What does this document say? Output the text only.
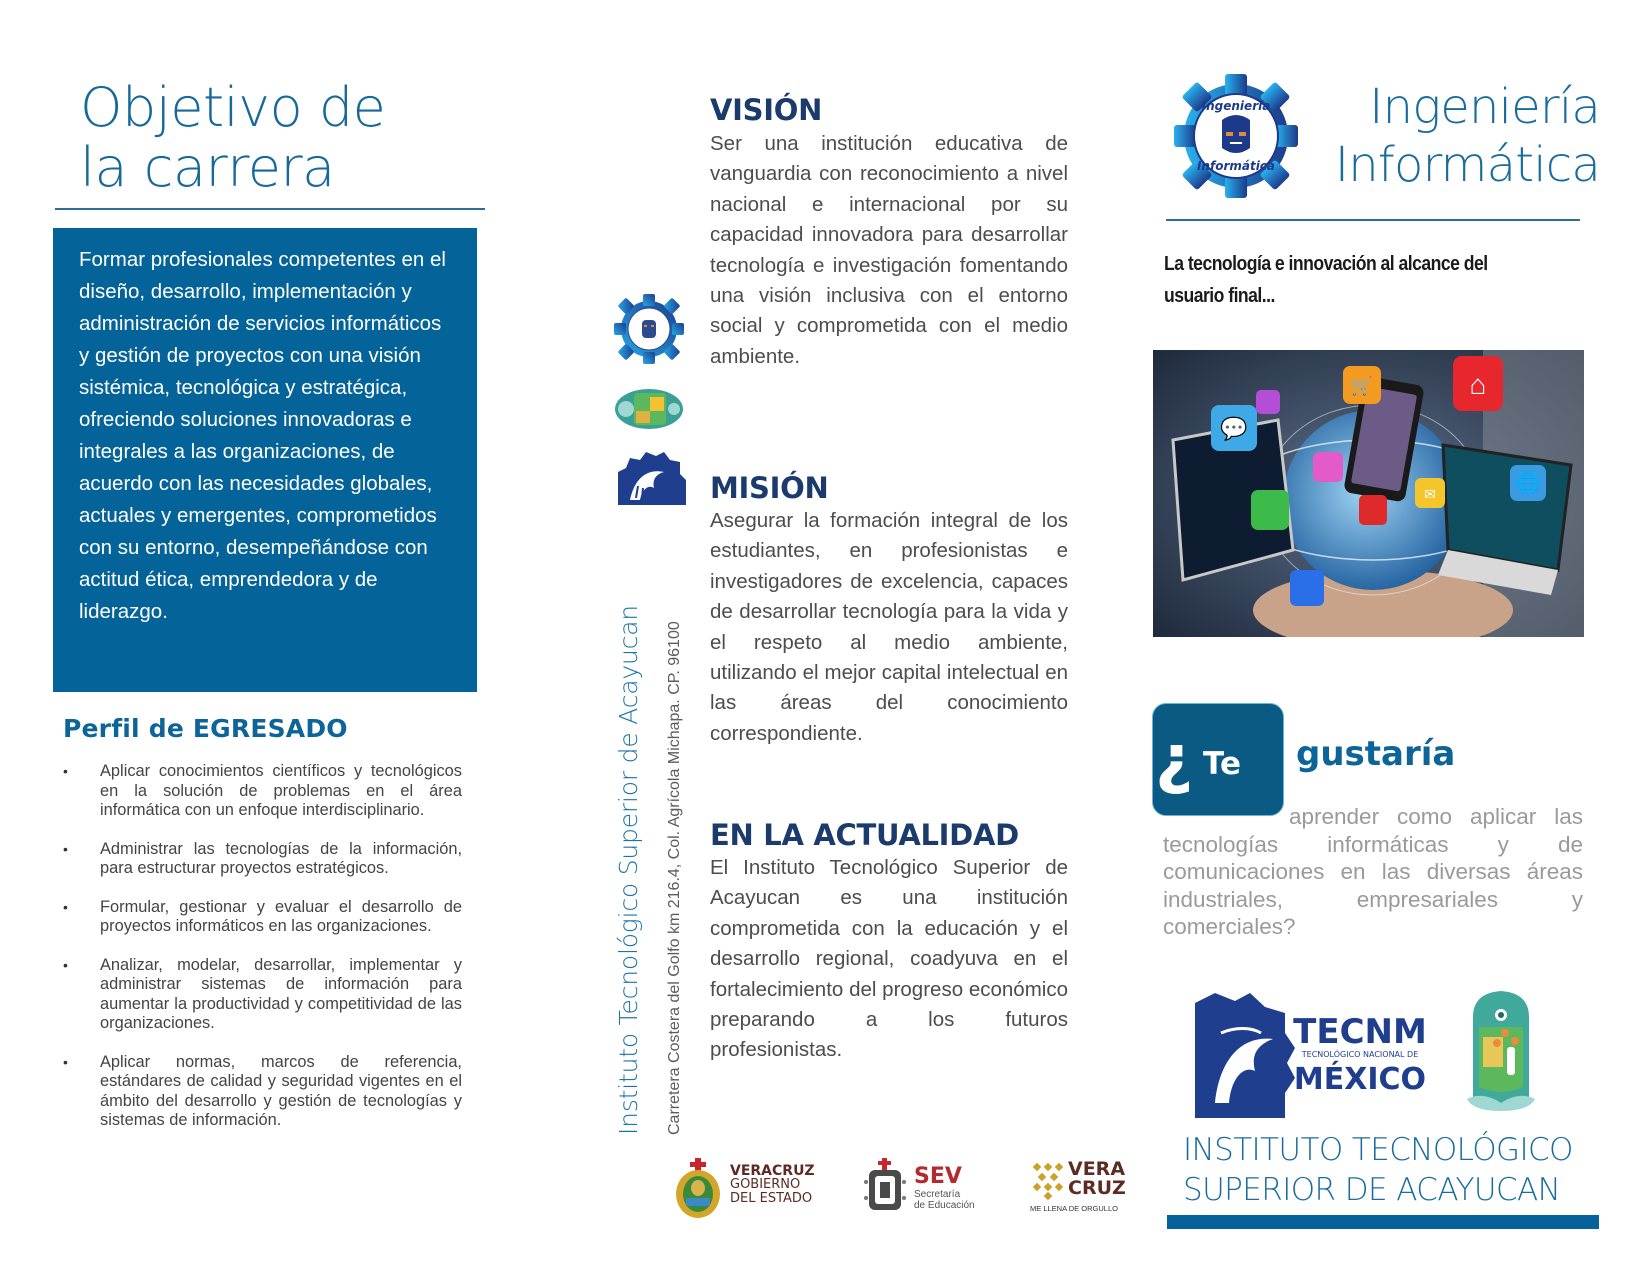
Objetivo de
la carrera

Formar profesionales competentes en el diseño, desarrollo, implementación y administración de servicios informáticos y gestión de proyectos con una visión sistémica, tecnológica y estratégica, ofreciendo soluciones innovadoras e integrales a las organizaciones, de acuerdo con las necesidades globales, actuales y emergentes, comprometidos con su entorno, desempeñándose con actitud ética, emprendedora y de liderazgo.

Perfil de EGRESADO
• Aplicar conocimientos científicos y tecnológicos en la solución de problemas en el área informática con un enfoque interdisciplinario.
• Administrar las tecnologías de la información, para estructurar proyectos estratégicos.
• Formular, gestionar y evaluar el desarrollo de proyectos informáticos en las organizaciones.
• Analizar, modelar, desarrollar, implementar y administrar sistemas de información para aumentar la productividad y competitividad de las organizaciones.
• Aplicar normas, marcos de referencia, estándares de calidad y seguridad vigentes en el ámbito del desarrollo y gestión de tecnologías y sistemas de información.	Instituto Tecnológico Superior de Acayucan Carretera Costera del Golfo km 216.4, Col. Agrícola Michapa. CP. 96100
VISIÓN
Ser una institución educativa de vanguardia con reconocimiento a nivel nacional e internacional por su capacidad innovadora para desarrollar tecnología e investigación fomentando una visión inclusiva con el entorno social y comprometida con el medio ambiente.
MISIÓN
Asegurar la formación integral de los estudiantes, en profesionistas e investigadores de excelencia, capaces de desarrollar tecnología para la vida y el respeto al medio ambiente, utilizando el mejor capital intelectual en las áreas del conocimiento correspondiente.
EN LA ACTUALIDAD
El Instituto Tecnológico Superior de Acayucan es una institución comprometida con la educación y el desarrollo regional, coadyuva en el fortalecimiento del progreso económico preparando a los futuros profesionistas.
VERACRUZ
GOBIERNO
DEL ESTADO
SEV
Secretaría
de Educación
VERA
CRUZ
ME LLENA DE ORGULLO
Ingeniería
Informática
Ingeniería
Informática
La tecnología e innovación al alcance del usuario final...
💬
🛒	⌂
✉	🌐
¿ Te gustaría
aprender como aplicar las tecnologías informáticas y de comunicaciones en las diversas áreas industriales, empresariales y comerciales?
TECNM
TECNOLÓGICO NACIONAL DE
MÉXICO
INSTITUTO TECNOLÓGICO
SUPERIOR DE ACAYUCAN
